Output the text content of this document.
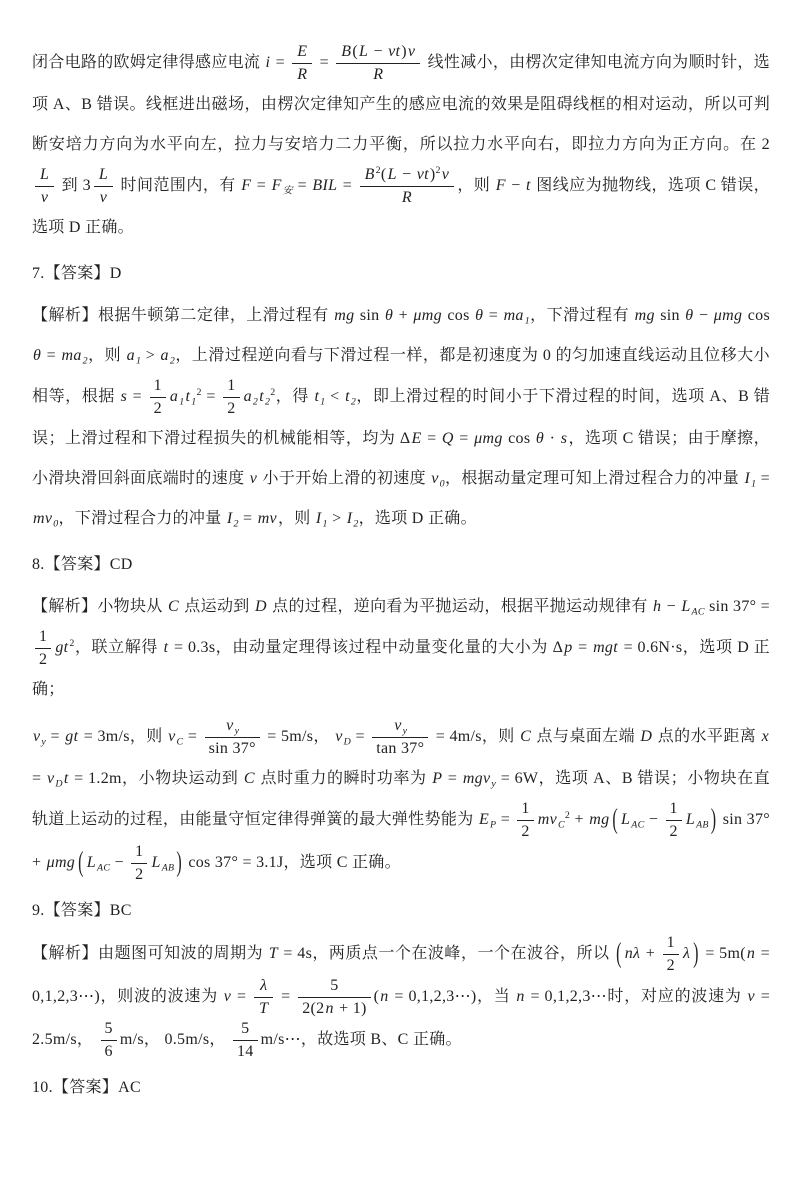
闭合电路的欧姆定律得感应电流 $i = \frac{E}{R} = \frac{B(L - vt)v}{R}$ 线性减小，由楞次定律知电流方向为顺时针，选项 A、B 错误。线框进出磁场，由楞次定律知产生的感应电流的效果是阻碍线框的相对运动，所以可判断安培力方向为水平向左，拉力与安培力二力平衡，所以拉力水平向右，即拉力方向为正方向。在 2
$\frac{L}{v}$ 到 $3 \frac{L}{v}$ 时间范围内，有 $F = F_安$ = BIL = $\frac{B^2(L - vt)^2v}{R}$ ，则 F − t 图线应为抛物线，选项 C 错误，选项 D 正确。

7.【答案】D

【解析】根据牛顿第二定律，上滑过程有 mg sin θ + μmg $\cos \theta = ma_1$，下滑过程有 mg sin θ − μmg $\cos \theta = ma_2$，则 $a_1 > a_2$，上滑过程逆向看与下滑过程一样，都是初速度为 0 的匀加速直线运动且位移大小相等，根据 $s = \frac{1}{2} a_1t_1^2 = \frac{1}{2} a_2t_2^2$，得 $t_1 < t_2$，即上滑过程的时间小于下滑过程的时间，选项 A、B 错误；上滑过程和下滑过程损失的机械能相等，均为 ΔE = Q = μmg cos θ · s，选项 C 错误；由于摩擦，小滑块滑回斜面底端时的速度 v 小于开始上滑的初速度 $v_0$，根据动量定理可知上滑过程合力的冲量 $I_1 = mv_0$，下滑过程合力的冲量 $I_2$ = mv，则 $I_1 > I_2$，选项 D 正确。

8.【答案】CD

【解析】小物块从 C 点运动到 D 点的过程，逆向看为平抛运动，根据平抛运动规律有 $h - L_{AC}$ sin 37° =
$\frac{1}{2} gt^2$，联立解得 t = 0.3s，由动量定理得该过程中动量变化量的大小为 Δp = mgt = 0.6N·s，选项 D 正确；

$v_y$ = gt = 3m/s，则 $v_C = \frac{v_y}{\sin 37^\circ} = 5m/s$， $v_D = \frac{v_y}{\tan 37^\circ} = 4m/s$，则 C 点与桌面左端 D 点的水平距离 $x = v_Dt = 1.2m$，小物块运动到 C 点时重力的瞬时功率为 P = mgv$_y$ = 6W，选项 A、B 错误；小物块在直轨道上运动的过程，由能量守恒定律得弹簧的最大弹性势能为 $E_P = \frac{1}{2} mv_C^2$ + mg ( $L_{AC} - \frac{1}{2} L_{AB}$ ) sin 37° + μmg ( $L_{AC} - \frac{1}{2} L_{AB}$ ) cos 37° = 3.1J，选项 C 正确。

9.【答案】BC

【解析】由题图可知波的周期为 T = 4s，两质点一个在波峰，一个在波谷，所以 ( $n\lambda + \frac{1}{2}$ λ ) = 5m(n = 0,1,2,3⋯)，则波的波速为 $v = \frac{\lambda}{T} = \frac{5}{2(2n + 1)} (n$ = 0,1,2,3⋯)，当 n = 0,1,2,3⋯时，对应的波速为 v = 2.5m/s， $\frac{5}{6} m/s$， 0.5m/s， $\frac{5}{14}$ m/s⋯，故选项 B、C 正确。

10.【答案】AC
